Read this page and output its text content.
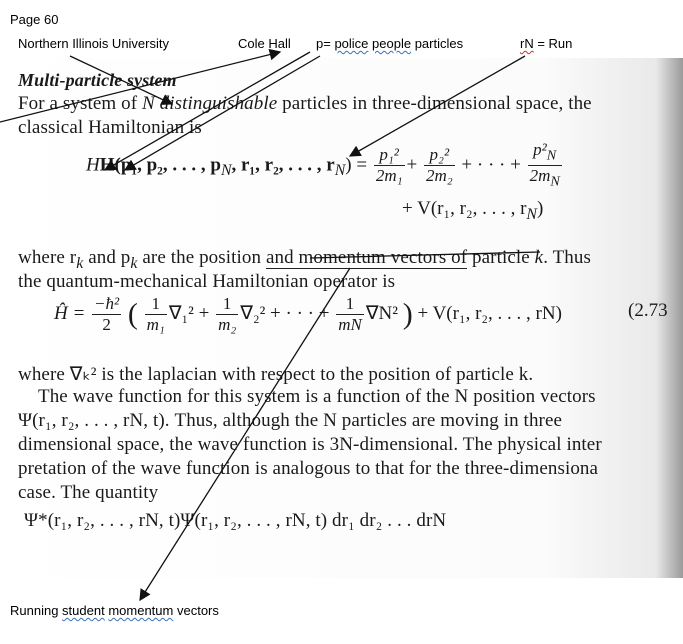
Page 60
Northern Illinois University	Cole Hall p= police people particles	rN = Run
Multi-particle system
For a system of N distinguishable particles in three-dimensional space, the
classical Hamiltonian is
HH(p₁, p₂, . . . , $p_N$, r₁, r₂, . . . , $r_N) = \frac{\text{p₁²}}{\text{2m₁}} + \frac{\text{p₂²}}{\text{2m₂}}$ + · · · + $\frac{p^2_N}{2m_N}$
+ V(r₁, r₂, . . . , $r_N$)
where $r_k$ and $p_k$ are the position and momentum vectors of particle k. Thus
the quantum-mechanical Hamiltonian operator is
Ĥ = $\frac{\text{−ħ²}}{2}$ ( $\frac{1}{\text{m₁}} \nabla_1^2 + \frac{1}{\text{m₂}} \nabla_2^2$ + · · · + $\frac{1}{mN} \nabla N^2$ ) + V(r₁, r₂, . . . , rN)	(2.73
where ∇ₖ² is the laplacian with respect to the position of particle k.
The wave function for this system is a function of the N position vectors
Ψ(r₁, r₂, . . . , rN, t). Thus, although the N particles are moving in three
dimensional space, the wave function is 3N-dimensional. The physical inter
pretation of the wave function is analogous to that for the three-dimensiona
case. The quantity
Ψ*(r₁, r₂, . . . , rN, t)Ψ(r₁, r₂, . . . , rN, t) dr₁ dr₂ . . . drN
Running student momentum vectors
